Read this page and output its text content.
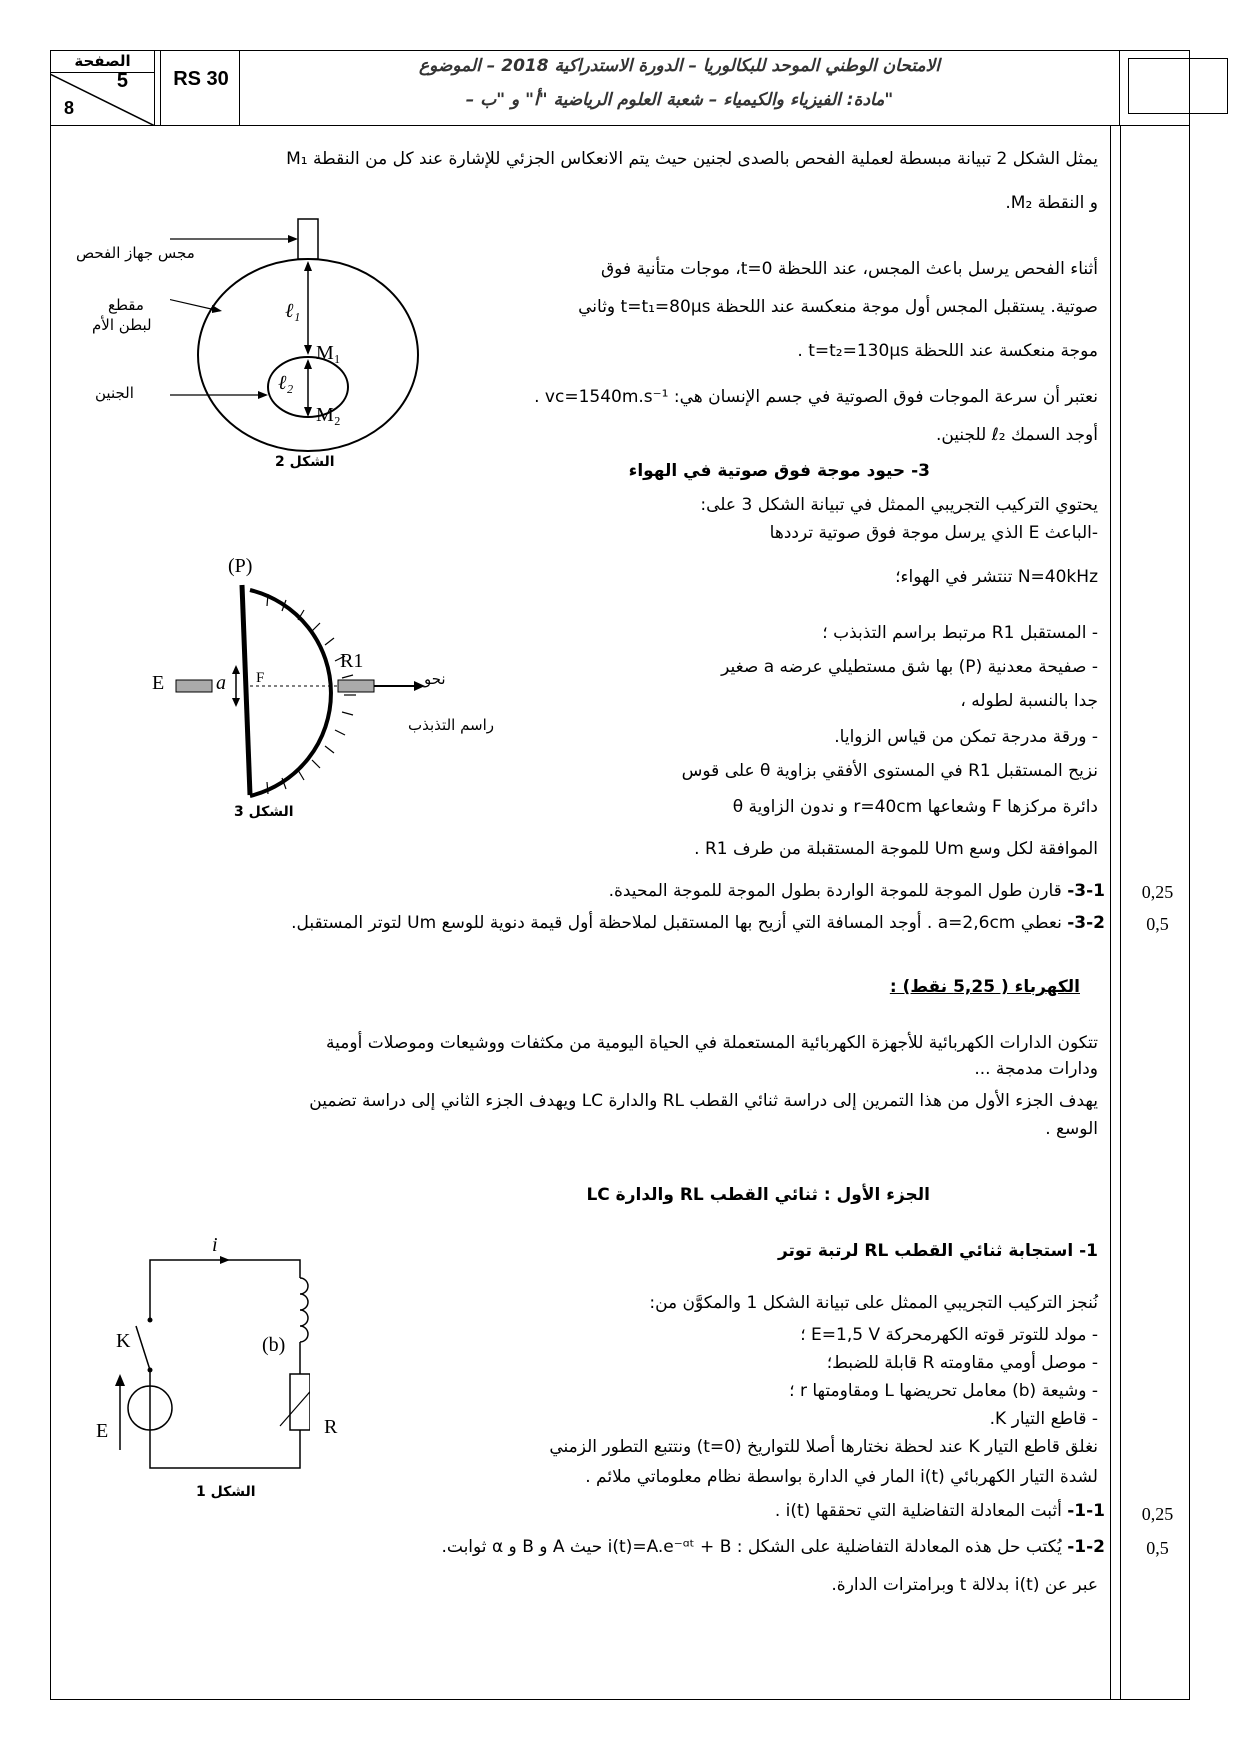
الصفحة
5
8
RS 30
الامتحان الوطني الموحد للبكالوريا – الدورة الاستدراكية 2018 – الموضوع
– مادة: الفيزياء والكيمياء – شعبة العلوم الرياضية "أ" و "ب"
يمثل الشكل 2 تبيانة مبسطة لعملية الفحص بالصدى لجنين حيث يتم الانعكاس الجزئي للإشارة عند كل من النقطة M₁
و النقطة M₂.
أثناء الفحص يرسل باعث المجس، عند اللحظة t=0، موجات متأنية فوق
صوتية. يستقبل المجس أول موجة منعكسة عند اللحظة t=t₁=80μs وثاني
موجة منعكسة عند اللحظة t=t₂=130μs .
نعتبر أن سرعة الموجات فوق الصوتية في جسم الإنسان هي: vc=1540m.s⁻¹ .
أوجد السمك ℓ₂ للجنين.
مجس جهاز الفحص
مقطع
لبطن الأم
الجنين
ℓ₁
ℓ₂
M₁
M₂
الشكل 2	3- حيود موجة فوق صوتية في الهواء
يحتوي التركيب التجريبي الممثل في تبيانة الشكل 3 على:
-الباعث E الذي يرسل موجة فوق صوتية ترددها
N=40kHz تنتشر في الهواء؛
- المستقبل R1 مرتبط براسم التذبذب ؛
- صفيحة معدنية (P) بها شق مستطيلي عرضه a صغير
جدا بالنسبة لطوله ،
- ورقة مدرجة تمكن من قياس الزوايا.
نزيح المستقبل R1 في المستوى الأفقي بزاوية θ على قوس
دائرة مركزها F وشعاعها r=40cm و ندون الزاوية θ
الموافقة لكل وسع Um للموجة المستقبلة من طرف R1 .
3-1- قارن طول الموجة للموجة الواردة بطول الموجة للموجة المحيدة.	0,25
3-2- نعطي a=2,6cm . أوجد المسافة التي أزيح بها المستقبل لملاحظة أول قيمة دنوية للوسع Um لتوتر المستقبل.	0,5
(P)
E	a F
R1
نحو
راسم التذبذب
الشكل 3
الكهرباء ( 5,25 نقط) :
تتكون الدارات الكهربائية للأجهزة الكهربائية المستعملة في الحياة اليومية من مكثفات ووشيعات وموصلات أومية
ودارات مدمجة ...
يهدف الجزء الأول من هذا التمرين إلى دراسة ثنائي القطب RL والدارة LC ويهدف الجزء الثاني إلى دراسة تضمين
الوسع .
الجزء الأول : ثنائي القطب RL والدارة LC
1- استجابة ثنائي القطب RL لرتبة توتر
نُنجز التركيب التجريبي الممثل على تبيانة الشكل 1 والمكوَّن من:
- مولد للتوتر قوته الكهرمحركة E=1,5 V ؛
- موصل أومي مقاومته R قابلة للضبط؛
- وشيعة (b) معامل تحريضها L ومقاومتها r ؛
- قاطع التيار K.
نغلق قاطع التيار K عند لحظة نختارها أصلا للتواريخ (t=0) ونتتبع التطور الزمني
لشدة التيار الكهربائي i(t) المار في الدارة بواسطة نظام معلوماتي ملائم .
1-1- أثبت المعادلة التفاضلية التي تحققها i(t) .	0,25
1-2- يُكتب حل هذه المعادلة التفاضلية على الشكل : i(t)=A.e⁻ᵅᵗ + B حيث A و B و α ثوابت.	0,5
عبر عن i(t) بدلالة t وبرامترات الدارة.
i
K	(b)
E	R
الشكل 1
